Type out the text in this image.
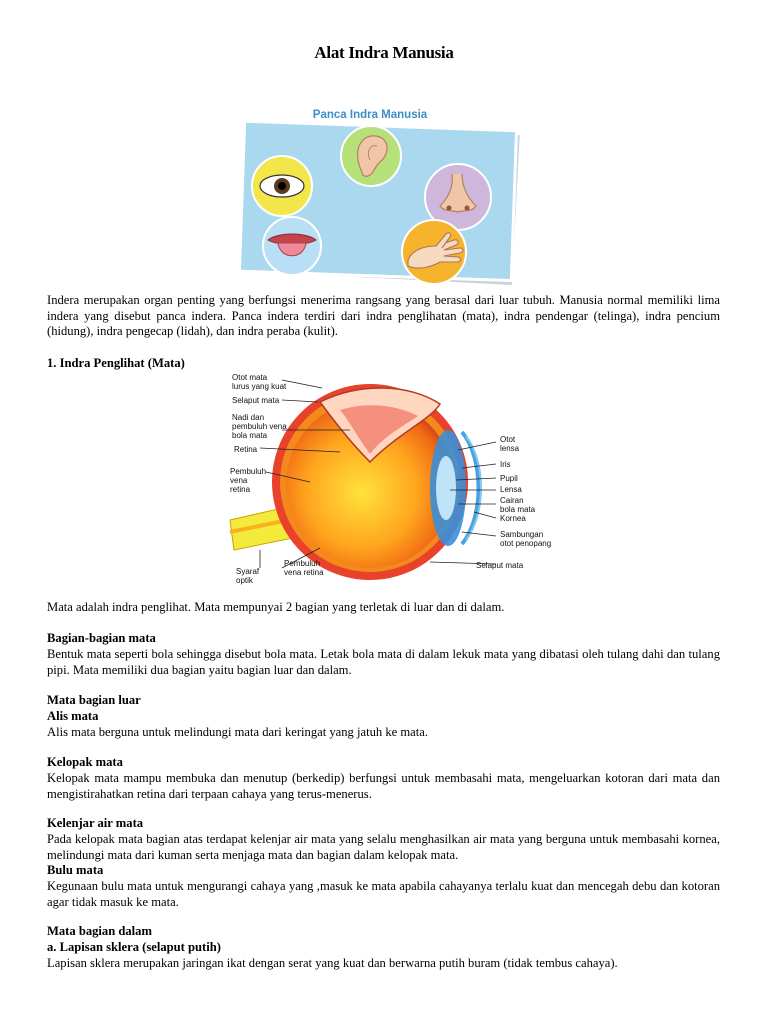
Alat Indra Manusia
Panca Indra Manusia

Indera merupakan organ penting yang berfungsi menerima rangsang yang berasal dari luar tubuh. Manusia normal memiliki lima indera yang disebut panca indera. Panca indera terdiri dari indra penglihatan (mata), indra pendengar (telinga), indra pencium (hidung), indra pengecap (lidah), dan indra peraba (kulit).

1. Indra Penglihat (Mata)

Otot mata lurus yang kuat
Selaput mata
Nadi dan pembuluh vena bola mata
Retina
Pembuluh vena retina
Syaraf optik
Pembuluh vena retina
Otot lensa
Iris
Pupil
Lensa
Cairan bola mata
Kornea
Sambungan otot penopang
Selaput mata

Mata adalah indra penglihat. Mata mempunyai 2 bagian yang terletak di luar dan di dalam.

Bagian-bagian mata

Bentuk mata seperti bola sehingga disebut bola mata. Letak bola mata di dalam lekuk mata yang dibatasi oleh tulang dahi dan tulang pipi. Mata memiliki dua bagian yaitu bagian luar dan dalam.

Mata bagian luar

Alis mata

Alis mata berguna untuk melindungi mata dari keringat yang jatuh ke mata.

Kelopak mata

Kelopak mata mampu membuka dan menutup (berkedip) berfungsi untuk membasahi mata, mengeluarkan kotoran dari mata dan mengistirahatkan retina dari terpaan cahaya yang terus-menerus.

Kelenjar air mata

Pada kelopak mata bagian atas terdapat kelenjar air mata yang selalu menghasilkan air mata yang berguna untuk membasahi kornea, melindungi mata dari kuman serta menjaga mata dan bagian dalam kelopak mata.

Bulu mata

Kegunaan bulu mata untuk mengurangi cahaya yang ,masuk ke mata apabila cahayanya terlalu kuat dan mencegah debu dan kotoran agar tidak masuk ke mata.

Mata bagian dalam

a. Lapisan sklera (selaput putih)

Lapisan sklera merupakan jaringan ikat dengan serat yang kuat dan berwarna putih buram (tidak tembus cahaya).
